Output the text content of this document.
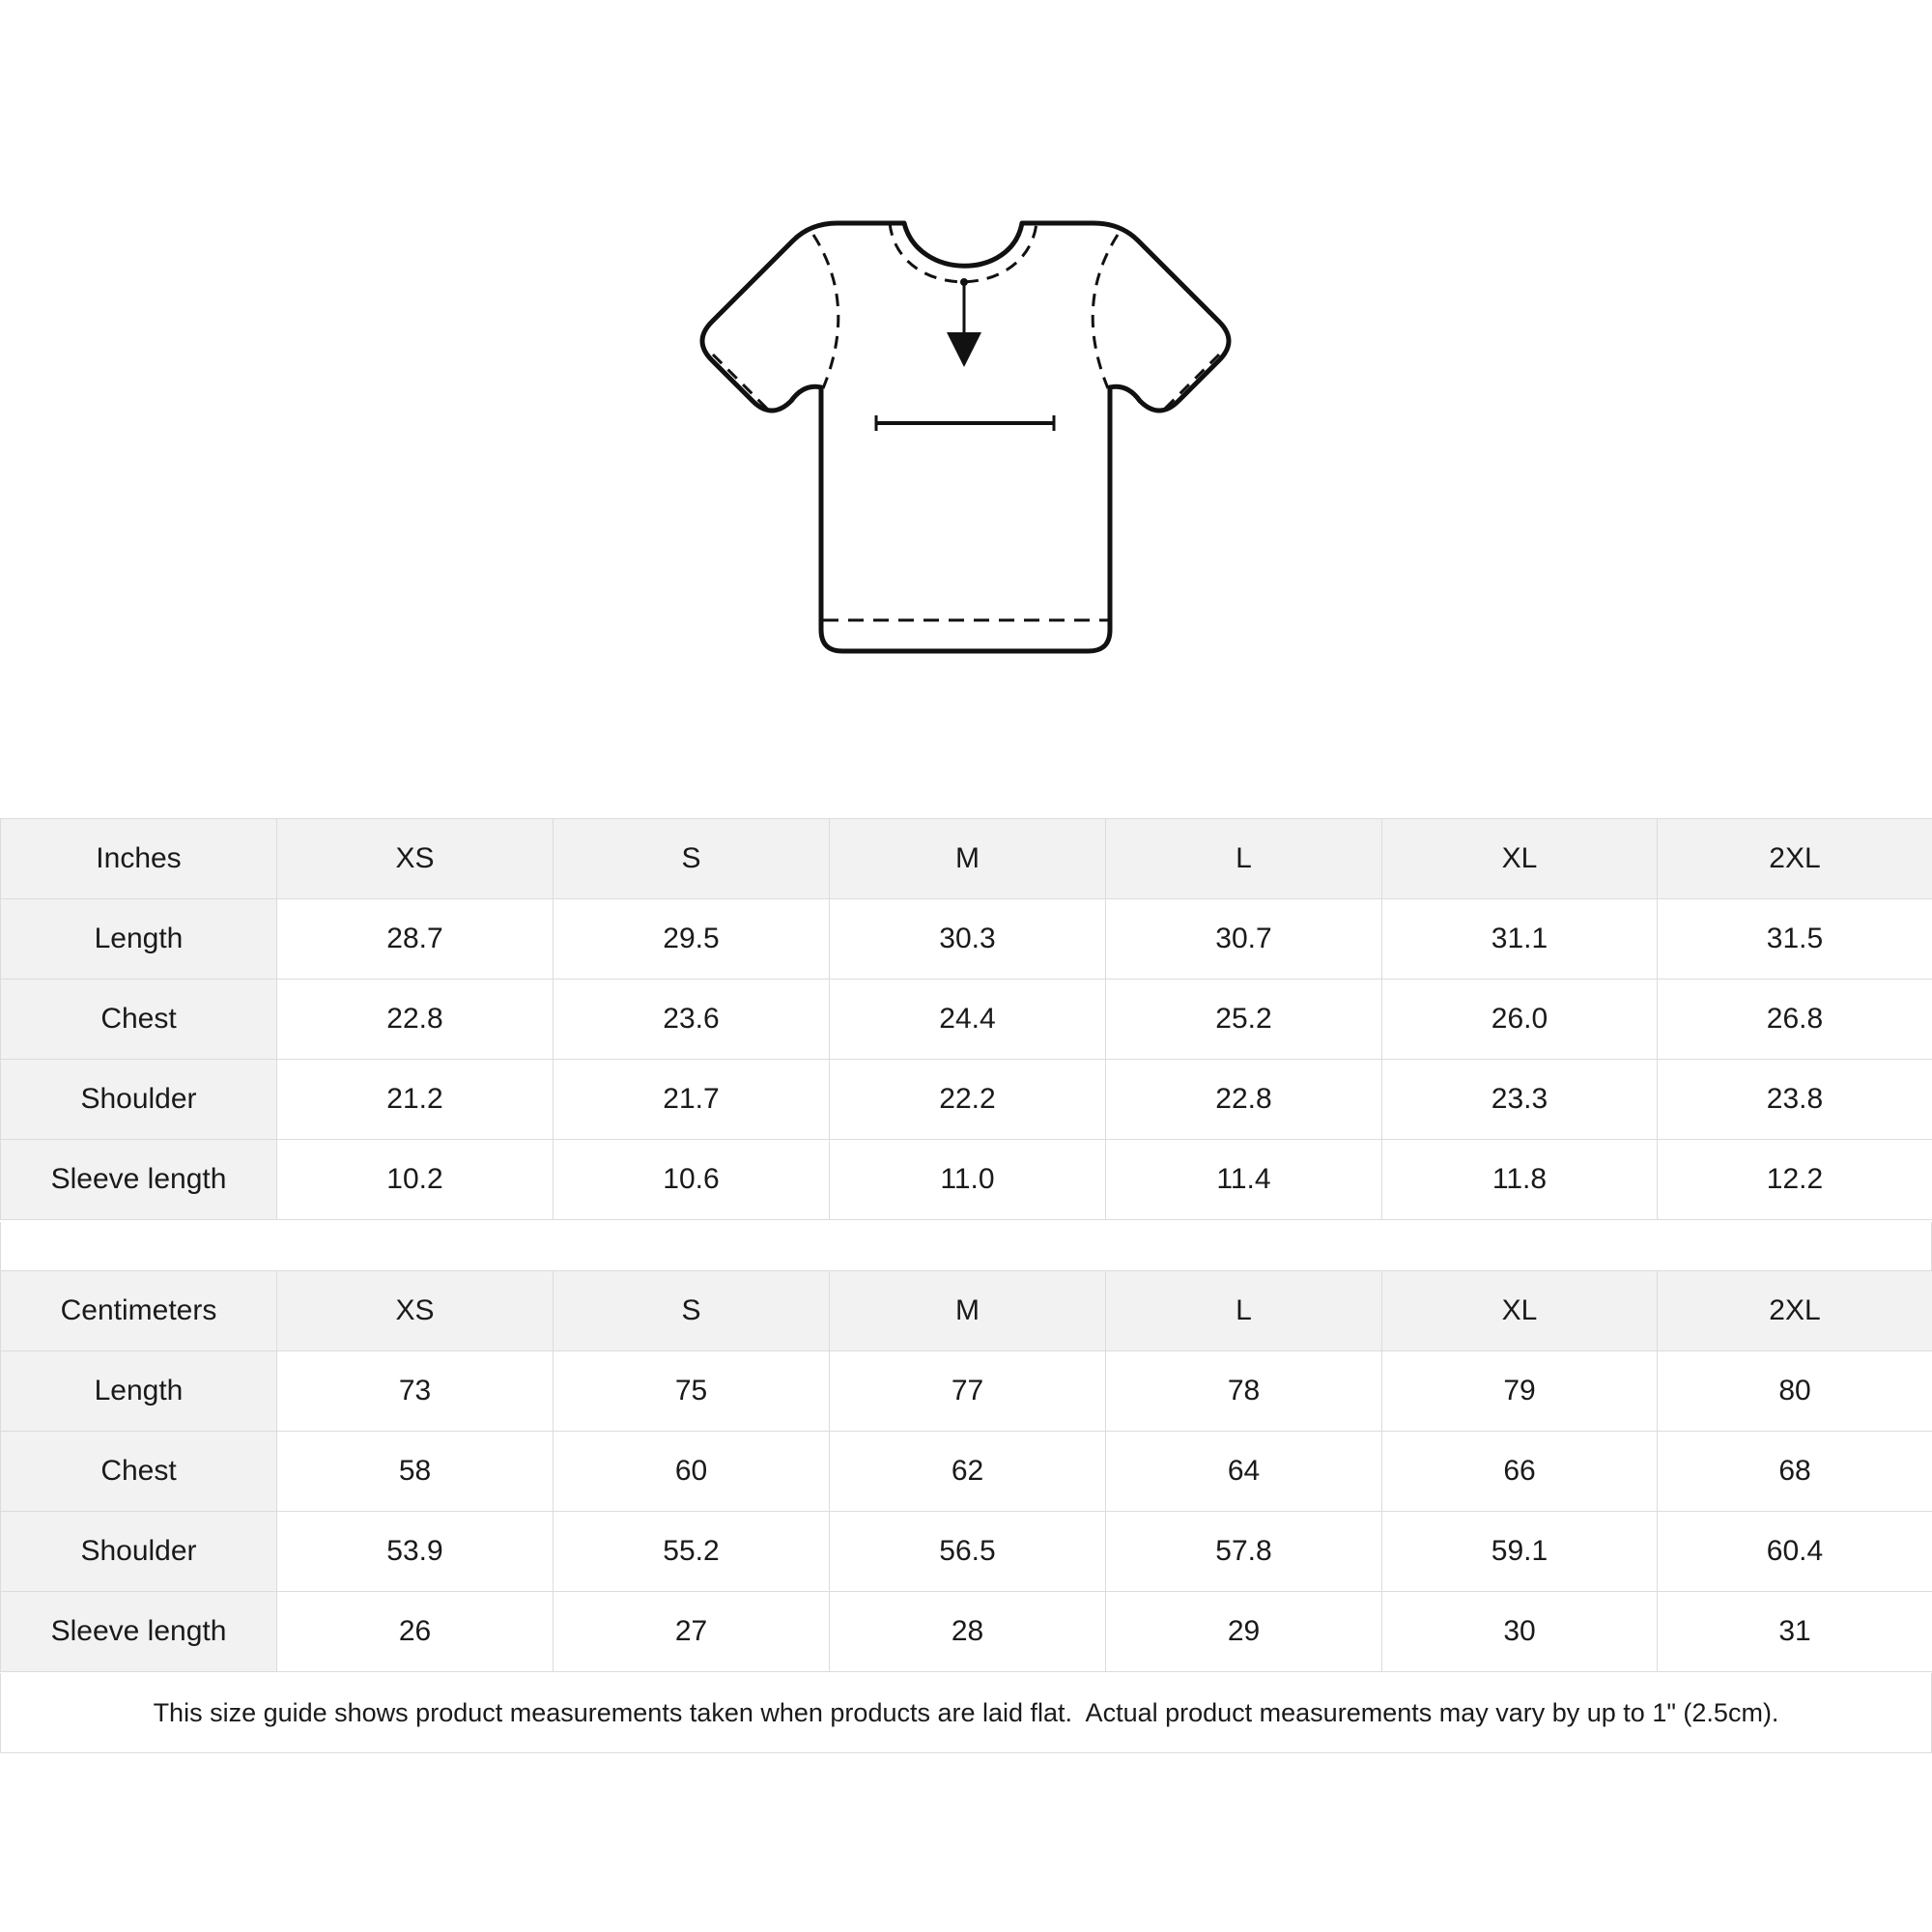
Inches	XS	S	M	L	XL	2XL
Length	28.7	29.5	30.3	30.7	31.1	31.5
Chest	22.8	23.6	24.4	25.2	26.0	26.8
Shoulder	21.2	21.7	22.2	22.8	23.3	23.8
Sleeve length	10.2	10.6	11.0	11.4	11.8	12.2
Centimeters	XS	S	M	L	XL	2XL
Length	73	75	77	78	79	80
Chest	58	60	62	64	66	68
Shoulder	53.9	55.2	56.5	57.8	59.1	60.4
Sleeve length	26	27	28	29	30	31
This size guide shows product measurements taken when products are laid flat.  Actual product measurements may vary by up to 1" (2.5cm).
